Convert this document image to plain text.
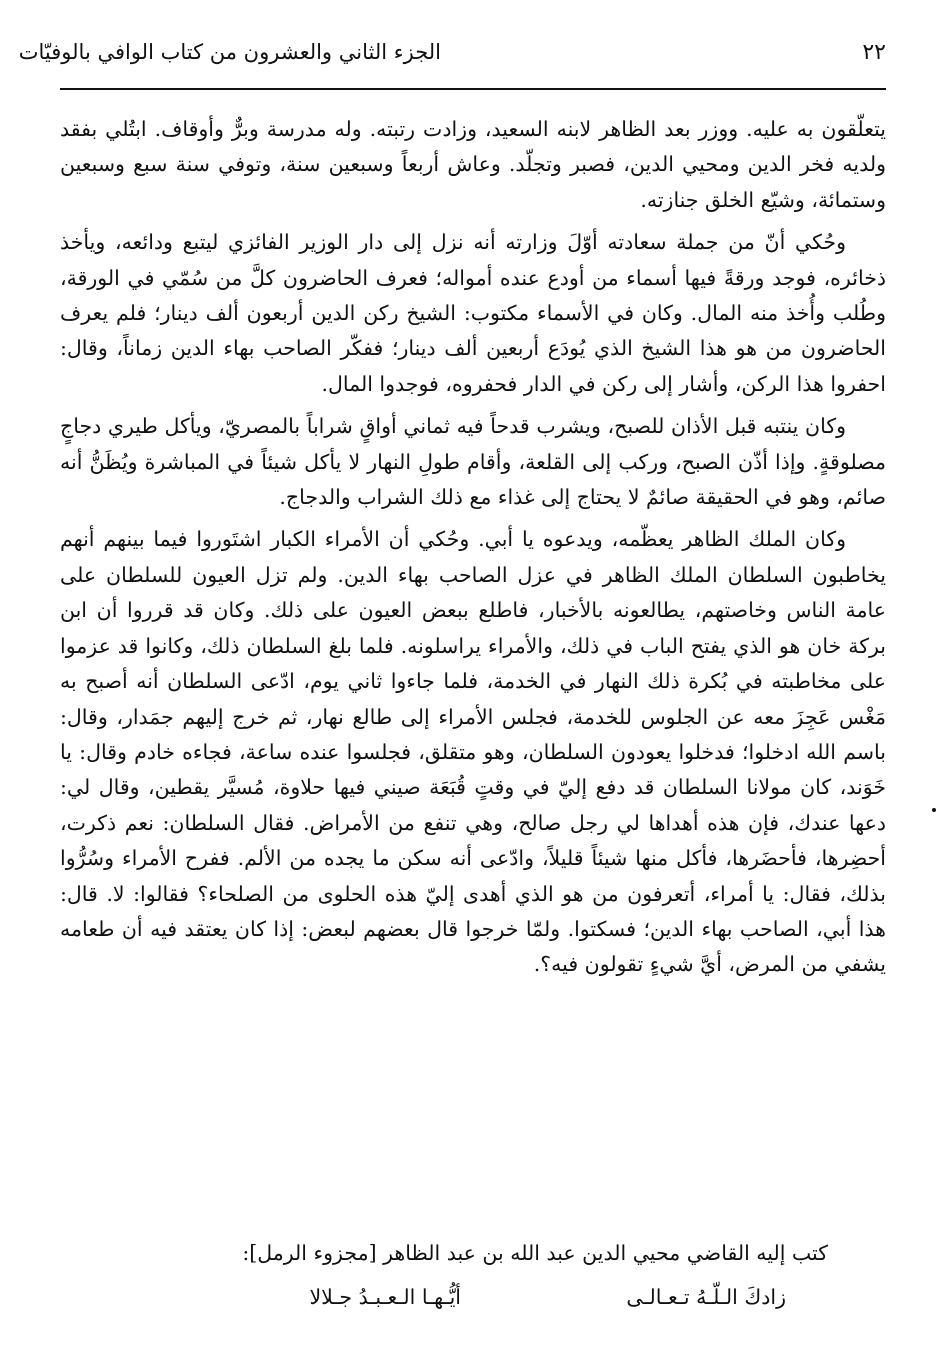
٢٢
الجزء الثاني والعشرون من كتاب الوافي بالوفيّات

يتعلّقون به عليه. ووزر بعد الظاهر لابنه السعيد، وزادت رتبته. وله مدرسة وبرٌّ وأوقاف. ابتُلي بفقد ولديه فخر الدين ومحيي الدين، فصبر وتجلّد. وعاش أربعاً وسبعين سنة، وتوفي سنة سبع وسبعين وستمائة، وشيّع الخلق جنازته.

وحُكي أنّ من جملة سعادته أوّلَ وزارته أنه نزل إلى دار الوزير الفائزي ليتبع ودائعه، ويأخذ ذخائره، فوجد ورقةً فيها أسماء من أودع عنده أمواله؛ فعرف الحاضرون كلَّ من سُمّي في الورقة، وطُلب وأُخذ منه المال. وكان في الأسماء مكتوب: الشيخ ركن الدين أربعون ألف دينار؛ فلم يعرف الحاضرون من هو هذا الشيخ الذي يُودَع أربعين ألف دينار؛ ففكّر الصاحب بهاء الدين زماناً، وقال: احفروا هذا الركن، وأشار إلى ركن في الدار فحفروه، فوجدوا المال.

وكان ينتبه قبل الأذان للصبح، ويشرب قدحاً فيه ثماني أواقٍ شراباً بالمصريّ، ويأكل طيري دجاجٍ مصلوقةٍ. وإذا أذّن الصبح، وركب إلى القلعة، وأقام طولِ النهار لا يأكل شيئاً في المباشرة ويُظَنُّ أنه صائم، وهو في الحقيقة صائمٌ لا يحتاج إلى غذاء مع ذلك الشراب والدجاج.

وكان الملك الظاهر يعظّمه، ويدعوه يا أبي. وحُكي أن الأمراء الكبار اشتَوروا فيما بينهم أنهم يخاطبون السلطان الملك الظاهر في عزل الصاحب بهاء الدين. ولم تزل العيون للسلطان على عامة الناس وخاصتهم، يطالعونه بالأخبار، فاطلع ببعض العيون على ذلك. وكان قد قرروا أن ابن بركة خان هو الذي يفتح الباب في ذلك، والأمراء يراسلونه. فلما بلغ السلطان ذلك، وكانوا قد عزموا على مخاطبته في بُكرة ذلك النهار في الخدمة، فلما جاءوا ثاني يوم، ادّعى السلطان أنه أصبح به مَغْس عَجِزَ معه عن الجلوس للخدمة، فجلس الأمراء إلى طالع نهار، ثم خرج إليهم جمَدار، وقال: باسم الله ادخلوا؛ فدخلوا يعودون السلطان، وهو متقلق، فجلسوا عنده ساعة، فجاءه خادم وقال: يا خَوَند، كان مولانا السلطان قد دفع إليّ في وقتٍ قُبَعَة صيني فيها حلاوة، مُسيَّر يقطين، وقال لي: دعها عندك، فإن هذه أهداها لي رجل صالح، وهي تنفع من الأمراض. فقال السلطان: نعم ذكرت، أحضِرها، فأحضَرها، فأكل منها شيئاً قليلاً، وادّعى أنه سكن ما يجده من الألم. ففرح الأمراء وسُرُّوا بذلك، فقال: يا أمراء، أتعرفون من هو الذي أهدى إليّ هذه الحلوى من الصلحاء؟ فقالوا: لا. قال: هذا أبي، الصاحب بهاء الدين؛ فسكتوا. ولمّا خرجوا قال بعضهم لبعض: إذا كان يعتقد فيه أن طعامه يشفي من المرض، أيَّ شيءٍ تقولون فيه؟.

كتب إليه القاضي محيي الدين عبد الله بن عبد الظاهر [مجزوء الرمل]:
زادكَ الـلّـهُ تـعـالـى
أيُّـهـا الـعـبـدُ جـلالا
